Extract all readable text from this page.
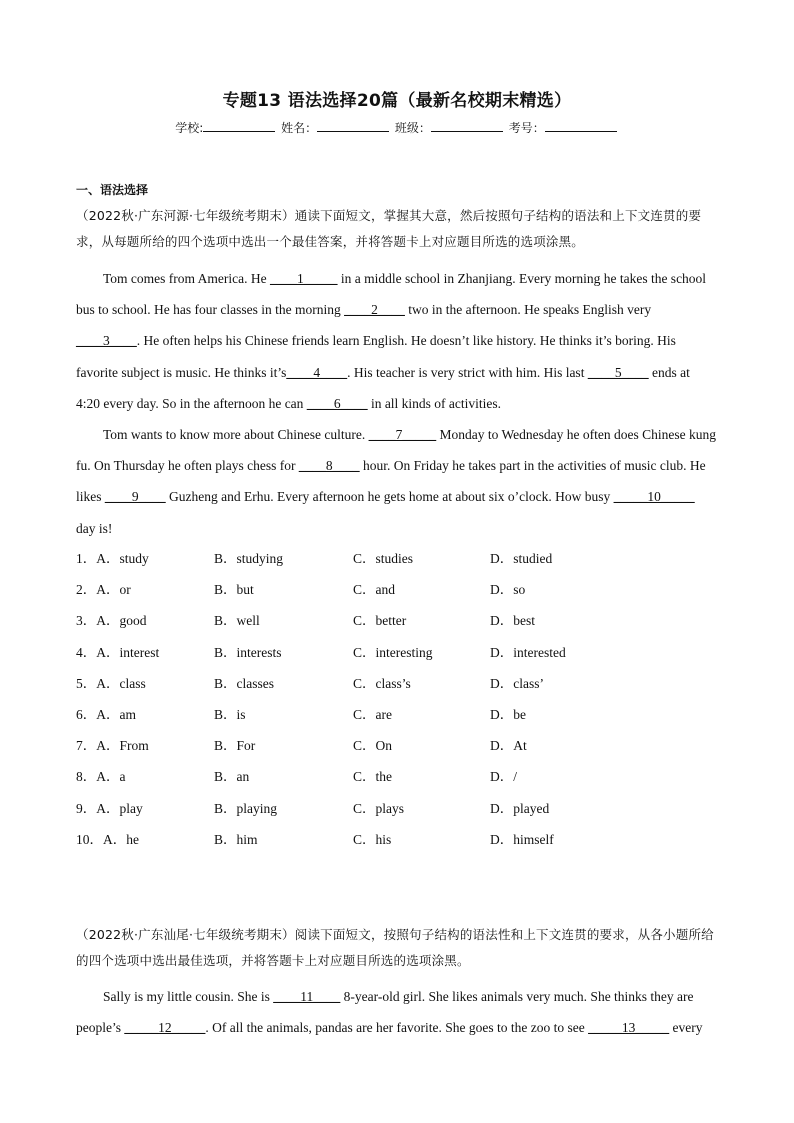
专题13 语法选择20篇（最新名校期末精选）
学校:	姓名：	班级：	考号：
一、语法选择
（2022秋·广东河源·七年级统考期末）通读下面短文，掌握其大意，然后按照句子结构的语法和上下文连贯的要求，从每题所给的四个选项中选出一个最佳答案，并将答题卡上对应题目所选的选项涂黑。
Tom comes from America. He ____1_____ in a middle school in Zhanjiang. Every morning he takes the school bus to school. He has four classes in the morning ____2____ two in the afternoon. He speaks English very ____3____. He often helps his Chinese friends learn English. He doesn’t like history. He thinks it’s boring. His favorite subject is music. He thinks it’s____4____. His teacher is very strict with him. His last ____5____ ends at 4:20 every day. So in the afternoon he can ____6____ in all kinds of activities.
Tom wants to know more about Chinese culture. ____7_____ Monday to Wednesday he often does Chinese kung fu. On Thursday he often plays chess for ____8____ hour. On Friday he takes part in the activities of music club. He likes ____9____ Guzheng and Erhu. Every afternoon he gets home at about six o’clock. How busy _____10_____ day is!
1．A．study	B．studying	C．studies	D．studied
2．A．or	B．but	C．and	D．so
3．A．good	B．well	C．better	D．best
4．A．interest	B．interests	C．interesting	D．interested
5．A．class	B．classes	C．class’s	D．class’
6．A．am	B．is	C．are	D．be
7．A．From	B．For	C．On	D．At
8．A．a	B．an	C．the	D．/
9．A．play	B．playing	C．plays	D．played
10．A．he	B．him	C．his	D．himself
（2022秋·广东汕尾·七年级统考期末）阅读下面短文，按照句子结构的语法性和上下文连贯的要求，从各小题所给的四个选项中选出最佳选项，并将答题卡上对应题目所选的选项涂黑。
Sally is my little cousin. She is ____11____ 8-year-old girl. She likes animals very much. She thinks they are people’s _____12_____. Of all the animals, pandas are her favorite. She goes to the zoo to see _____13_____ every
